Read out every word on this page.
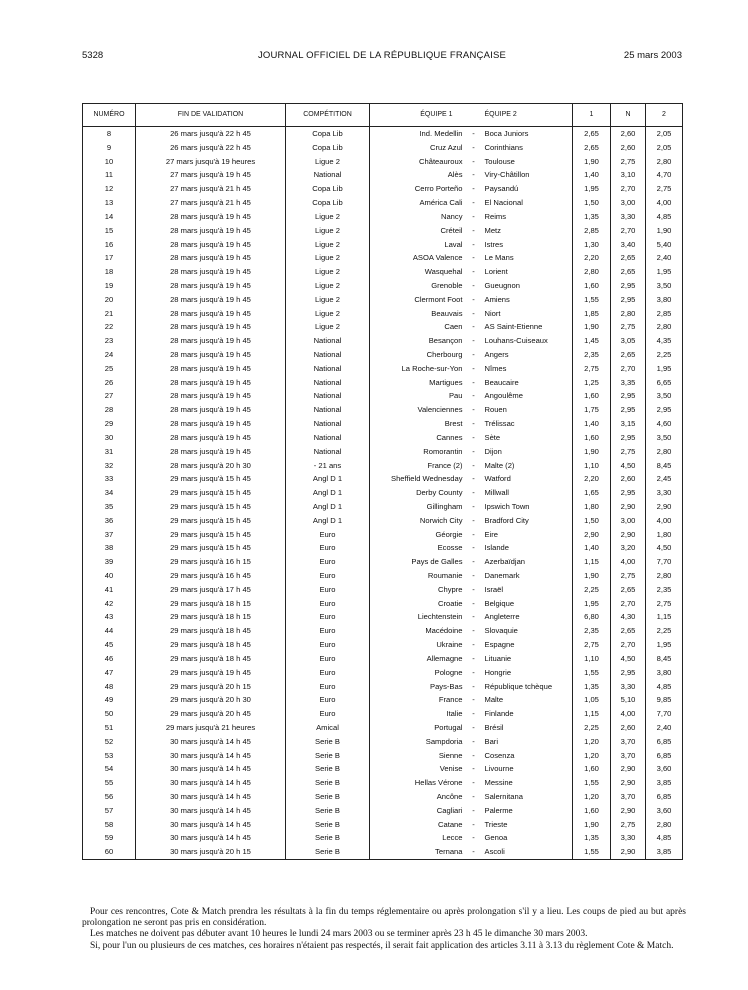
5328	JOURNAL OFFICIEL DE LA RÉPUBLIQUE FRANÇAISE	25 mars 2003
NUMÉRO	FIN DE VALIDATION	COMPÉTITION	ÉQUIPE 1		ÉQUIPE 2	1	N	2
8	26 mars jusqu'à 22 h 45	Copa Lib	Ind. Medellin	-	Boca Juniors	2,65	2,60	2,05
9	26 mars jusqu'à 22 h 45	Copa Lib	Cruz Azul	-	Corinthians	2,65	2,60	2,05
10	27 mars jusqu'à 19 heures	Ligue 2	Châteauroux	-	Toulouse	1,90	2,75	2,80
11	27 mars jusqu'à 19 h 45	National	Alès	-	Viry-Châtillon	1,40	3,10	4,70
12	27 mars jusqu'à 21 h 45	Copa Lib	Cerro Porteño	-	Paysandú	1,95	2,70	2,75
13	27 mars jusqu'à 21 h 45	Copa Lib	América Cali	-	El Nacional	1,50	3,00	4,00
14	28 mars jusqu'à 19 h 45	Ligue 2	Nancy	-	Reims	1,35	3,30	4,85
15	28 mars jusqu'à 19 h 45	Ligue 2	Créteil	-	Metz	2,85	2,70	1,90
16	28 mars jusqu'à 19 h 45	Ligue 2	Laval	-	Istres	1,30	3,40	5,40
17	28 mars jusqu'à 19 h 45	Ligue 2	ASOA Valence	-	Le Mans	2,20	2,65	2,40
18	28 mars jusqu'à 19 h 45	Ligue 2	Wasquehal	-	Lorient	2,80	2,65	1,95
19	28 mars jusqu'à 19 h 45	Ligue 2	Grenoble	-	Gueugnon	1,60	2,95	3,50
20	28 mars jusqu'à 19 h 45	Ligue 2	Clermont Foot	-	Amiens	1,55	2,95	3,80
21	28 mars jusqu'à 19 h 45	Ligue 2	Beauvais	-	Niort	1,85	2,80	2,85
22	28 mars jusqu'à 19 h 45	Ligue 2	Caen	-	AS Saint-Etienne	1,90	2,75	2,80
23	28 mars jusqu'à 19 h 45	National	Besançon	-	Louhans-Cuiseaux	1,45	3,05	4,35
24	28 mars jusqu'à 19 h 45	National	Cherbourg	-	Angers	2,35	2,65	2,25
25	28 mars jusqu'à 19 h 45	National	La Roche-sur-Yon	-	Nîmes	2,75	2,70	1,95
26	28 mars jusqu'à 19 h 45	National	Martigues	-	Beaucaire	1,25	3,35	6,65
27	28 mars jusqu'à 19 h 45	National	Pau	-	Angoulême	1,60	2,95	3,50
28	28 mars jusqu'à 19 h 45	National	Valenciennes	-	Rouen	1,75	2,95	2,95
29	28 mars jusqu'à 19 h 45	National	Brest	-	Trélissac	1,40	3,15	4,60
30	28 mars jusqu'à 19 h 45	National	Cannes	-	Sète	1,60	2,95	3,50
31	28 mars jusqu'à 19 h 45	National	Romorantin	-	Dijon	1,90	2,75	2,80
32	28 mars jusqu'à 20 h 30	- 21 ans	France (2)	-	Malte (2)	1,10	4,50	8,45
33	29 mars jusqu'à 15 h 45	Angl D 1	Sheffield Wednesday	-	Watford	2,20	2,60	2,45
34	29 mars jusqu'à 15 h 45	Angl D 1	Derby County	-	Millwall	1,65	2,95	3,30
35	29 mars jusqu'à 15 h 45	Angl D 1	Gillingham	-	Ipswich Town	1,80	2,90	2,90
36	29 mars jusqu'à 15 h 45	Angl D 1	Norwich City	-	Bradford City	1,50	3,00	4,00
37	29 mars jusqu'à 15 h 45	Euro	Géorgie	-	Eire	2,90	2,90	1,80
38	29 mars jusqu'à 15 h 45	Euro	Ecosse	-	Islande	1,40	3,20	4,50
39	29 mars jusqu'à 16 h 15	Euro	Pays de Galles	-	Azerbaïdjan	1,15	4,00	7,70
40	29 mars jusqu'à 16 h 45	Euro	Roumanie	-	Danemark	1,90	2,75	2,80
41	29 mars jusqu'à 17 h 45	Euro	Chypre	-	Israël	2,25	2,65	2,35
42	29 mars jusqu'à 18 h 15	Euro	Croatie	-	Belgique	1,95	2,70	2,75
43	29 mars jusqu'à 18 h 15	Euro	Liechtenstein	-	Angleterre	6,80	4,30	1,15
44	29 mars jusqu'à 18 h 45	Euro	Macédoine	-	Slovaquie	2,35	2,65	2,25
45	29 mars jusqu'à 18 h 45	Euro	Ukraine	-	Espagne	2,75	2,70	1,95
46	29 mars jusqu'à 18 h 45	Euro	Allemagne	-	Lituanie	1,10	4,50	8,45
47	29 mars jusqu'à 19 h 45	Euro	Pologne	-	Hongrie	1,55	2,95	3,80
48	29 mars jusqu'à 20 h 15	Euro	Pays-Bas	-	République tchèque	1,35	3,30	4,85
49	29 mars jusqu'à 20 h 30	Euro	France	-	Malte	1,05	5,10	9,85
50	29 mars jusqu'à 20 h 45	Euro	Italie	-	Finlande	1,15	4,00	7,70
51	29 mars jusqu'à 21 heures	Amical	Portugal	-	Brésil	2,25	2,60	2,40
52	30 mars jusqu'à 14 h 45	Serie B	Sampdoria	-	Bari	1,20	3,70	6,85
53	30 mars jusqu'à 14 h 45	Serie B	Sienne	-	Cosenza	1,20	3,70	6,85
54	30 mars jusqu'à 14 h 45	Serie B	Venise	-	Livourne	1,60	2,90	3,60
55	30 mars jusqu'à 14 h 45	Serie B	Hellas Vérone	-	Messine	1,55	2,90	3,85
56	30 mars jusqu'à 14 h 45	Serie B	Ancône	-	Salernitana	1,20	3,70	6,85
57	30 mars jusqu'à 14 h 45	Serie B	Cagliari	-	Palerme	1,60	2,90	3,60
58	30 mars jusqu'à 14 h 45	Serie B	Catane	-	Trieste	1,90	2,75	2,80
59	30 mars jusqu'à 14 h 45	Serie B	Lecce	-	Genoa	1,35	3,30	4,85
60	30 mars jusqu'à 20 h 15	Serie B	Ternana	-	Ascoli	1,55	2,90	3,85

Pour ces rencontres, Cote & Match prendra les résultats à la fin du temps réglementaire ou après prolongation s'il y a lieu. Les coups de pied au but après prolongation ne seront pas pris en considération.

Les matches ne doivent pas débuter avant 10 heures le lundi 24 mars 2003 ou se terminer après 23 h 45 le dimanche 30 mars 2003.

Si, pour l'un ou plusieurs de ces matches, ces horaires n'étaient pas respectés, il serait fait application des articles 3.11 à 3.13 du règlement Cote & Match.
